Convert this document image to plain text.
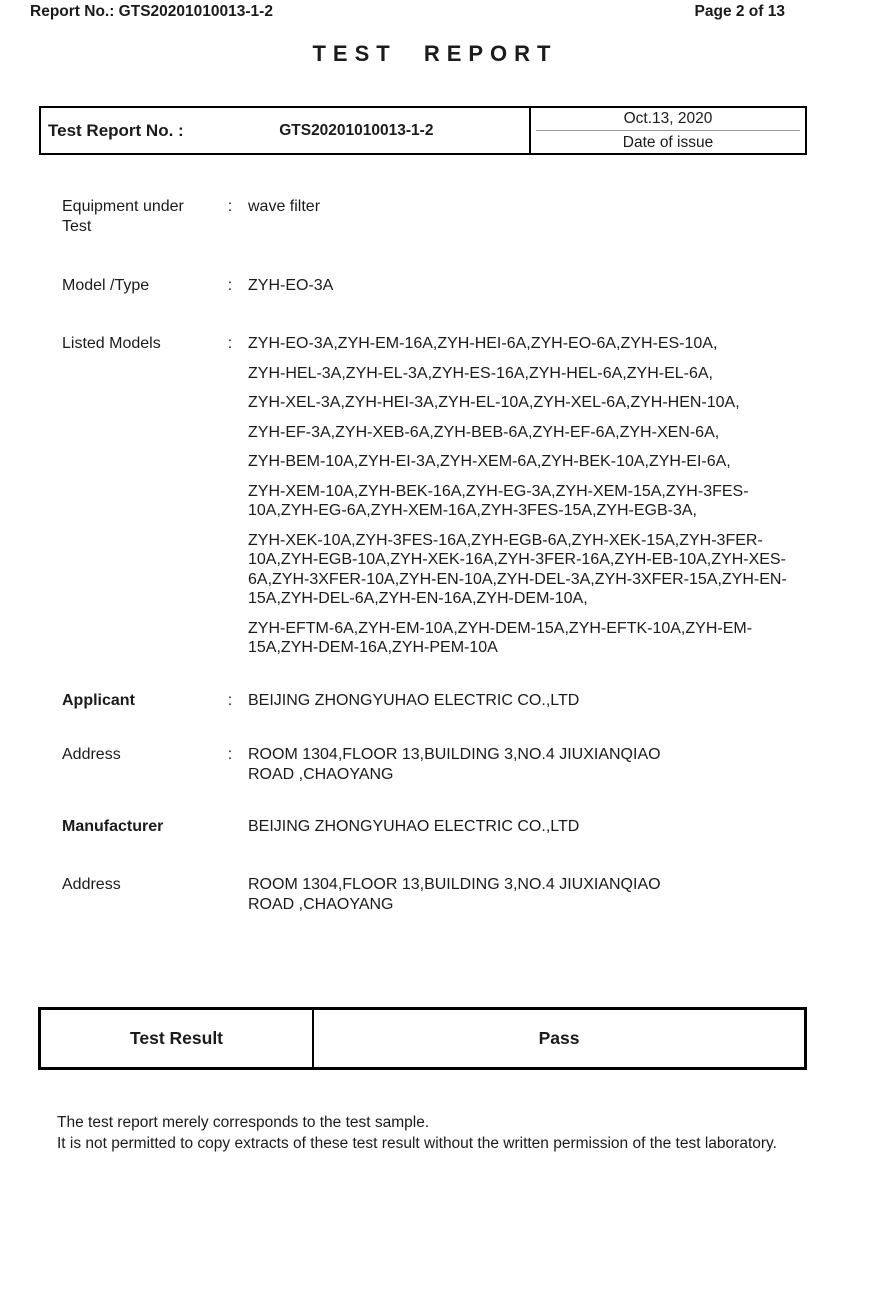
Report No.: GTS20201010013-1-2	Page 2 of 13
TEST REPORT
Test Report No. :	GTS20201010013-1-2
Oct.13, 2020
Date of issue
Equipment under Test
: wave filter
Model /Type	: ZYH-EO-3A
Listed Models	: ZYH-EO-3A,ZYH-EM-16A,ZYH-HEI-6A,ZYH-EO-6A,ZYH-ES-10A,
ZYH-HEL-3A,ZYH-EL-3A,ZYH-ES-16A,ZYH-HEL-6A,ZYH-EL-6A,
ZYH-XEL-3A,ZYH-HEI-3A,ZYH-EL-10A,ZYH-XEL-6A,ZYH-HEN-10A,
ZYH-EF-3A,ZYH-XEB-6A,ZYH-BEB-6A,ZYH-EF-6A,ZYH-XEN-6A,
ZYH-BEM-10A,ZYH-EI-3A,ZYH-XEM-6A,ZYH-BEK-10A,ZYH-EI-6A,
ZYH-XEM-10A,ZYH-BEK-16A,ZYH-EG-3A,ZYH-XEM-15A,ZYH-3FES-10A,ZYH-EG-6A,ZYH-XEM-16A,ZYH-3FES-15A,ZYH-EGB-3A,
ZYH-XEK-10A,ZYH-3FES-16A,ZYH-EGB-6A,ZYH-XEK-15A,ZYH-3FER-10A,ZYH-EGB-10A,ZYH-XEK-16A,ZYH-3FER-16A,ZYH-EB-10A,ZYH-XES-6A,ZYH-3XFER-10A,ZYH-EN-10A,ZYH-DEL-3A,ZYH-3XFER-15A,ZYH-EN-15A,ZYH-DEL-6A,ZYH-EN-16A,ZYH-DEM-10A,
ZYH-EFTM-6A,ZYH-EM-10A,ZYH-DEM-15A,ZYH-EFTK-10A,ZYH-EM-15A,ZYH-DEM-16A,ZYH-PEM-10A
Applicant	: BEIJING ZHONGYUHAO ELECTRIC CO.,LTD
Address	: ROOM 1304,FLOOR 13,BUILDING 3,NO.4 JIUXIANQIAO ROAD ,CHAOYANG
Manufacturer	BEIJING ZHONGYUHAO ELECTRIC CO.,LTD
Address	ROOM 1304,FLOOR 13,BUILDING 3,NO.4 JIUXIANQIAO ROAD ,CHAOYANG
Test Result	Pass
The test report merely corresponds to the test sample.
It is not permitted to copy extracts of these test result without the written permission of the test laboratory.
